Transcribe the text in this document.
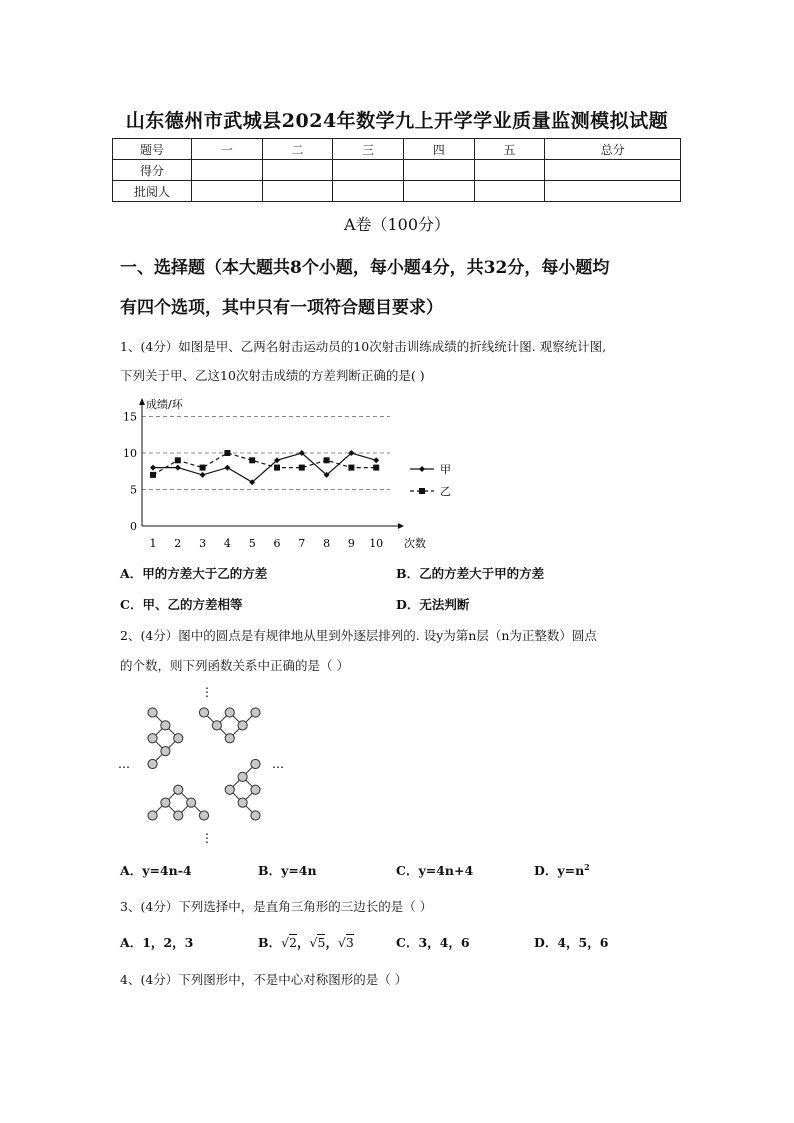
山东德州市武城县2024年数学九上开学学业质量监测模拟试题
题号	一	二	三	四	五	总分
得分						
批阅人						
A卷（100分）
一、选择题（本大题共8个小题，每小题4分，共32分，每小题均
有四个选项，其中只有一项符合题目要求）
1、(4分）如图是甲、乙两名射击运动员的10次射击训练成绩的折线统计图. 观察统计图,
下列关于甲、乙这10次射击成绩的方差判断正确的是( )
成绩/环
次数
0
5
10
15
1 2 3 4 5 6 7 8 9 10
甲
乙
A．甲的方差大于乙的方差	B．乙的方差大于甲的方差
C．甲、乙的方差相等	D．无法判断
2、(4分）图中的圆点是有规律地从里到外逐层排列的. 设y为第n层（n为正整数）圆点
的个数，则下列函数关系中正确的是（ ）
…	…
⋮
⋮
A．y=4n-4	B．y=4n	C．y=4n+4	D．$y=n^2$
3、(4分）下列选择中，是直角三角形的三边长的是（ ）
A．1，2，3	B．√2，√5，√3	C．3，4，6	D．4，5，6
4、(4分）下列图形中，不是中心对称图形的是（ ）
